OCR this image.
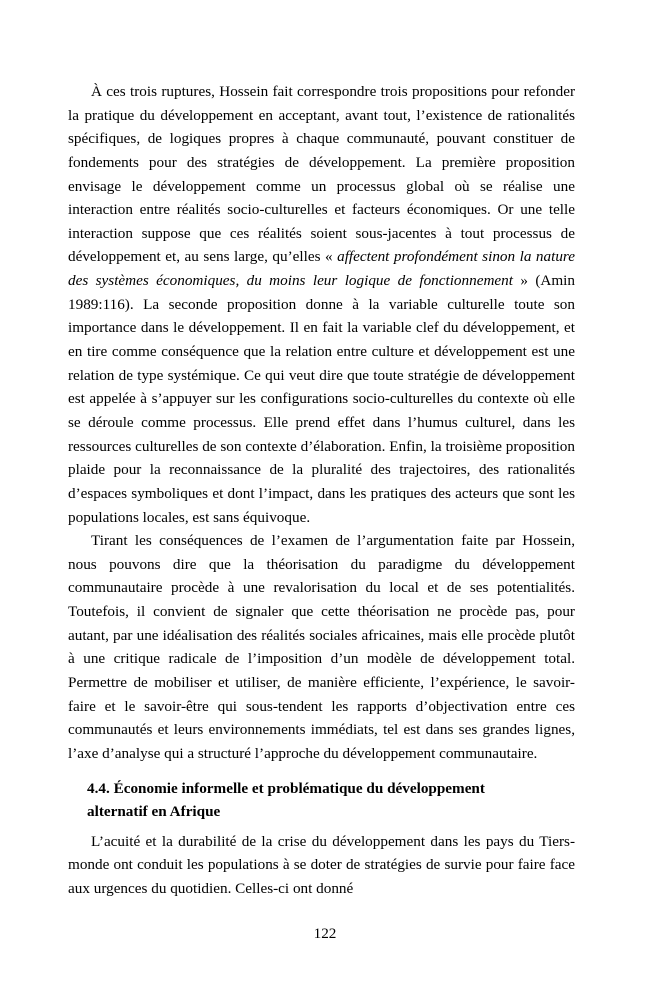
À ces trois ruptures, Hossein fait correspondre trois propositions pour refonder la pratique du développement en acceptant, avant tout, l’existence de rationalités spécifiques, de logiques propres à chaque communauté, pouvant constituer de fondements pour des stratégies de développement. La première proposition envisage le développement comme un processus global où se réalise une interaction entre réalités socio-culturelles et facteurs économiques. Or une telle interaction suppose que ces réalités soient sous-jacentes à tout processus de développement et, au sens large, qu’elles « affectent profondément sinon la nature des systèmes économiques, du moins leur logique de fonctionnement » (Amin 1989:116). La seconde proposition donne à la variable culturelle toute son importance dans le développement. Il en fait la variable clef du développement, et en tire comme conséquence que la relation entre culture et développement est une relation de type systémique. Ce qui veut dire que toute stratégie de développement est appelée à s’appuyer sur les configurations socio-culturelles du contexte où elle se déroule comme processus. Elle prend effet dans l’humus culturel, dans les ressources culturelles de son contexte d’élaboration. Enfin, la troisième proposition plaide pour la reconnaissance de la pluralité des trajectoires, des rationalités d’espaces symboliques et dont l’impact, dans les pratiques des acteurs que sont les populations locales, est sans équivoque.

Tirant les conséquences de l’examen de l’argumentation faite par Hossein, nous pouvons dire que la théorisation du paradigme du développement communautaire procède à une revalorisation du local et de ses potentialités. Toutefois, il convient de signaler que cette théorisation ne procède pas, pour autant, par une idéalisation des réalités sociales africaines, mais elle procède plutôt à une critique radicale de l’imposition d’un modèle de développement total. Permettre de mobiliser et utiliser, de manière efficiente, l’expérience, le savoir-faire et le savoir-être qui sous-tendent les rapports d’objectivation entre ces communautés et leurs environnements immédiats, tel est dans ses grandes lignes, l’axe d’analyse qui a structuré l’approche du développement communautaire.

4.4. Économie informelle et problématique du développement
alternatif en Afrique

L’acuité et la durabilité de la crise du développement dans les pays du Tiers- monde ont conduit les populations à se doter de stratégies de survie pour faire face aux urgences du quotidien. Celles-ci ont donné

122
